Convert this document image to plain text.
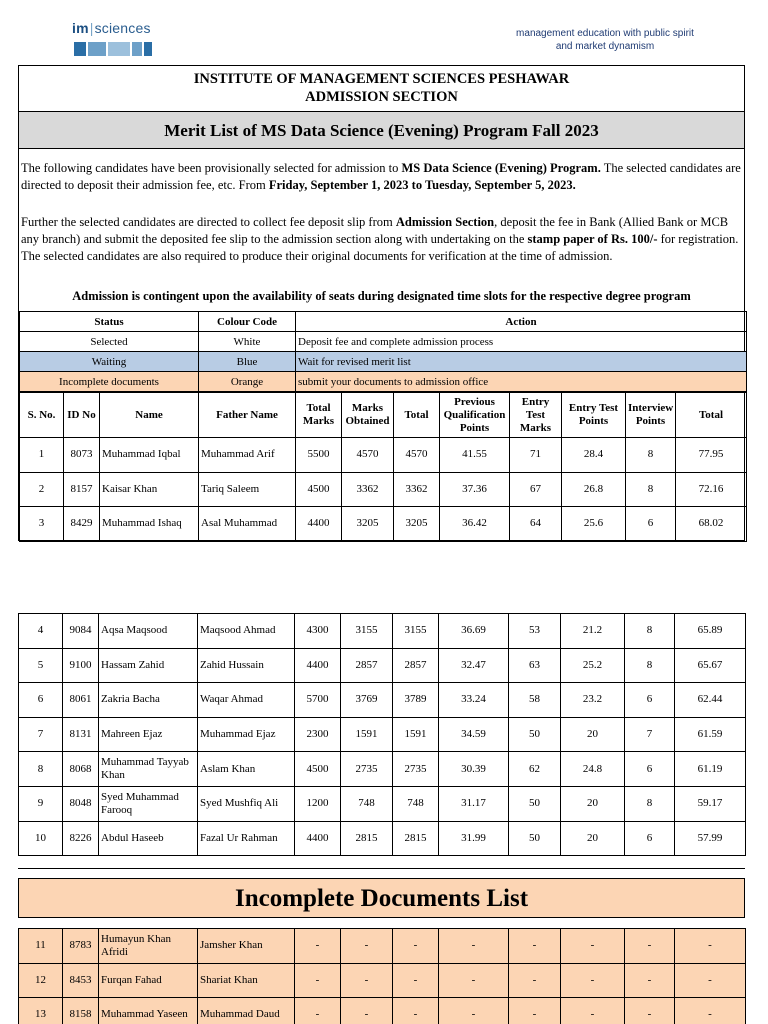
im|sciences	management education with public spirit
and market dynamism
INSTITUTE OF MANAGEMENT SCIENCES PESHAWAR
ADMISSION SECTION
Merit List of MS Data Science (Evening) Program Fall 2023

The following candidates have been provisionally selected for admission to MS Data Science (Evening) Program. The selected candidates are directed to deposit their admission fee, etc. From Friday, September 1, 2023 to Tuesday, September 5, 2023.

Further the selected candidates are directed to collect fee deposit slip from Admission Section, deposit the fee in Bank (Allied Bank or MCB any branch) and submit the deposited fee slip to the admission section along with undertaking on the stamp paper of Rs. 100/- for registration. The selected candidates are also required to produce their original documents for verification at the time of admission.

Admission is contingent upon the availability of seats during designated time slots for the respective degree program
Status	Colour Code	Action
Selected	White	Deposit fee and complete admission process
Waiting	Blue	Wait for revised merit list
Incomplete documents	Orange	submit your documents to admission office
S. No.	ID No	Name	Father Name	Total Marks	Marks Obtained	Total	Previous Qualification Points	Entry Test Marks	Entry Test Points	Interview Points	Total
1	8073	Muhammad Iqbal	Muhammad Arif	5500	4570	4570	41.55	71	28.4	8	77.95
2	8157	Kaisar Khan	Tariq Saleem	4500	3362	3362	37.36	67	26.8	8	72.16
3	8429	Muhammad Ishaq	Asal Muhammad	4400	3205	3205	36.42	64	25.6	6	68.02
4	9084	Aqsa Maqsood	Maqsood Ahmad	4300	3155	3155	36.69	53	21.2	8	65.89
5	9100	Hassam Zahid	Zahid Hussain	4400	2857	2857	32.47	63	25.2	8	65.67
6	8061	Zakria Bacha	Waqar Ahmad	5700	3769	3789	33.24	58	23.2	6	62.44
7	8131	Mahreen Ejaz	Muhammad Ejaz	2300	1591	1591	34.59	50	20	7	61.59
8	8068	Muhammad Tayyab Khan	Aslam Khan	4500	2735	2735	30.39	62	24.8	6	61.19
9	8048	Syed Muhammad Farooq	Syed Mushfiq Ali	1200	748	748	31.17	50	20	8	59.17
10	8226	Abdul Haseeb	Fazal Ur Rahman	4400	2815	2815	31.99	50	20	6	57.99
Incomplete Documents List
11	8783	Humayun Khan Afridi	Jamsher Khan	-	-	-	-	-	-	-	-
12	8453	Furqan Fahad	Shariat Khan	-	-	-	-	-	-	-	-
13	8158	Muhammad Yaseen	Muhammad Daud	-	-	-	-	-	-	-	-
